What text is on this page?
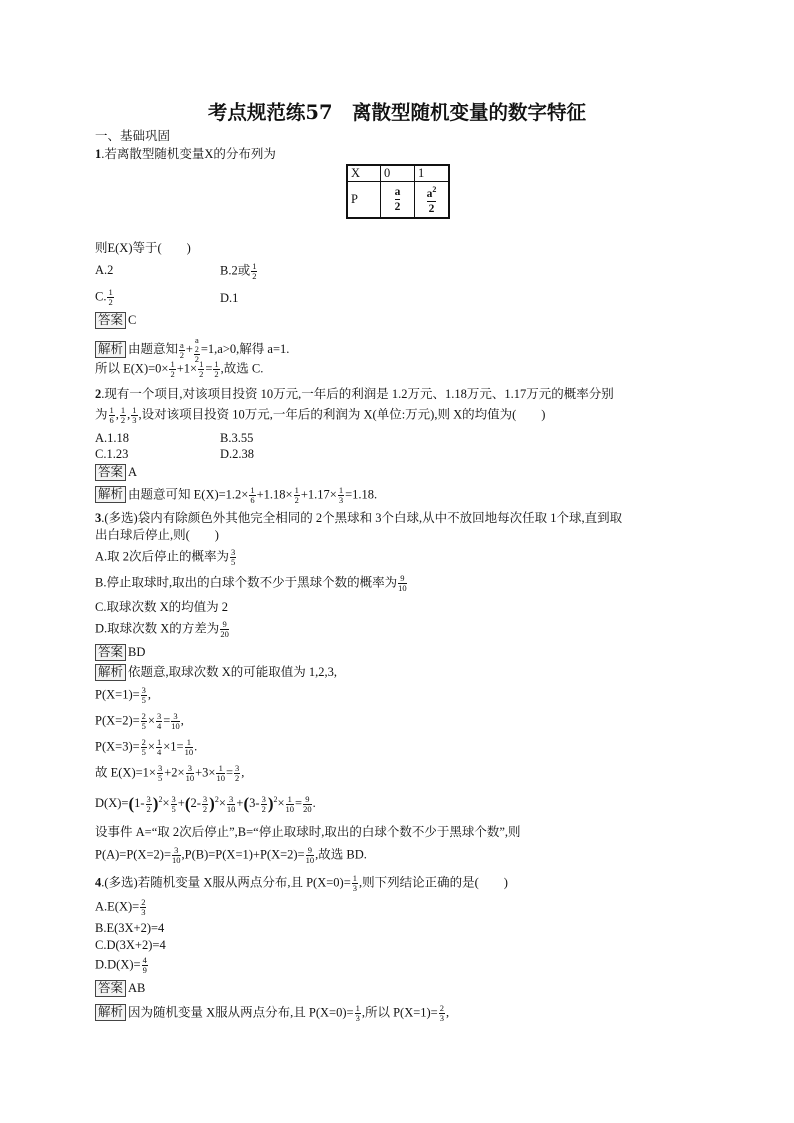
考点规范练57　离散型随机变量的数字特征
一、基础巩固
1.若离散型随机变量X的分布列为
X	0	1
P	$\frac{a}{2}$	$\frac{a^2}{2}$
则E(X)等于(　　)
A.2	B.2或 $\frac{1}{2}$
C. $\frac{1}{2}$	D.1
答案 C
解析 由题意知 $\frac{a}{2} + a$
2
2 =1,a>0,解得 a=1.
所以 $E(X)=0\times \frac{1}{2} +1\times \frac{1}{2} = \frac{1}{2}$ ,故选 C.
2.现有一个项目,对该项目投资 10万元,一年后的利润是 1.2万元、1.18万元、1.17万元的概率分别
为 $\frac{1}{6}$ , $\frac{1}{2}$ , $\frac{1}{3}$ ,设对该项目投资 10万元,一年后的利润为 X(单位:万元),则 X的均值为(　　)
A.1.18	B.3.55
C.1.23	D.2.38
答案 A
解析 由题意可知 $E(X)=1.2\times \frac{1}{6} +1.18\times \frac{1}{2} +1.17\times \frac{1}{3} =1.18$.
3.(多选)袋内有除颜色外其他完全相同的 2个黑球和 3个白球,从中不放回地每次任取 1个球,直到取
出白球后停止,则(　　)
A.取 2次后停止的概率为 $\frac{3}{5}$
B.停止取球时,取出的白球个数不少于黑球个数的概率为 $\frac{9}{10}$
C.取球次数 X的均值为 2
D.取球次数 X的方差为 $\frac{9}{20}$
答案 BD
解析 依题意,取球次数 X的可能取值为 1,2,3,
$P(X=1)= \frac{3}{5}$ ,
$P(X=2)= \frac{2}{5} \times \frac{3}{4} = \frac{3}{10}$ ,
$P(X=3)= \frac{2}{5} \times \frac{1}{4} \times 1= \frac{1}{10}$ .
故 $E(X)=1\times \frac{3}{5} +2\times \frac{3}{10} +3\times \frac{1}{10} = \frac{3}{2}$ ,
$D(X)=(1- \frac{3}{2} )^2\times \frac{3}{5} +(2- \frac{3}{2} )^2\times \frac{3}{10} +(3- \frac{3}{2} )^2\times \frac{1}{10} = \frac{9}{20}$ .
设事件 A=“取 2次后停止”,B=“停止取球时,取出的白球个数不少于黑球个数”,则
$P(A)=P(X=2)= \frac{3}{10} ,P(B)=P(X=1)+P(X=2)= \frac{9}{10}$ ,故选 BD.
4.(多选)若随机变量 X服从两点分布,且 $P(X=0)= \frac{1}{3}$ ,则下列结论正确的是(　　)
$A.E(X)= \frac{2}{3}$
B.E(3X+2)=4
C.D(3X+2)=4
$D.D(X)= \frac{4}{9}$
答案 AB
解析 因为随机变量 X服从两点分布,且 $P(X=0)= \frac{1}{3}$ ,所以 $P(X=1)= \frac{2}{3}$ ,
